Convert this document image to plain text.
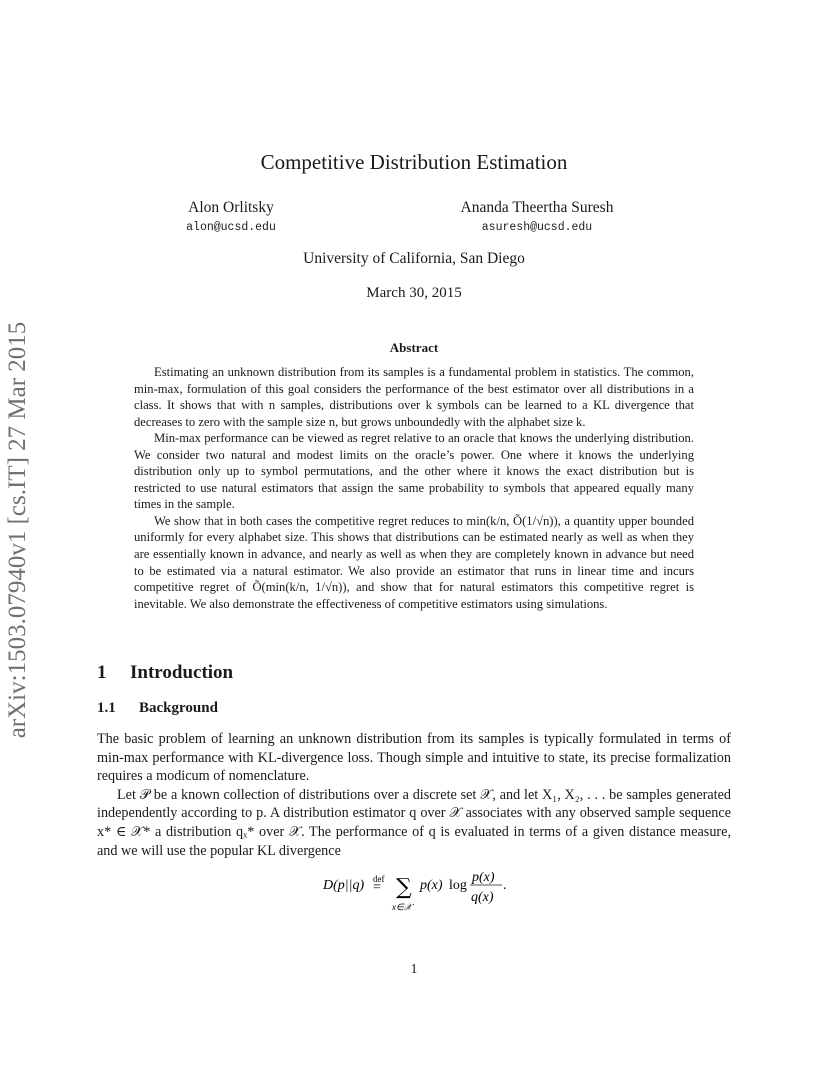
arXiv:1503.07940v1 [cs.IT] 27 Mar 2015
Competitive Distribution Estimation
Alon Orlitsky
alon@ucsd.edu
Ananda Theertha Suresh
asuresh@ucsd.edu
University of California, San Diego
March 30, 2015
Abstract

Estimating an unknown distribution from its samples is a fundamental problem in statistics. The common, min-max, formulation of this goal considers the performance of the best estimator over all distributions in a class. It shows that with n samples, distributions over k symbols can be learned to a KL divergence that decreases to zero with the sample size n, but grows unboundedly with the alphabet size k.

Min-max performance can be viewed as regret relative to an oracle that knows the underlying distribution. We consider two natural and modest limits on the oracle’s power. One where it knows the underlying distribution only up to symbol permutations, and the other where it knows the exact distribution but is restricted to use natural estimators that assign the same probability to symbols that appeared equally many times in the sample.

We show that in both cases the competitive regret reduces to min(k/n, Õ(1/√n)), a quantity upper bounded uniformly for every alphabet size. This shows that distributions can be estimated nearly as well as when they are essentially known in advance, and nearly as well as when they are completely known in advance but need to be estimated via a natural estimator. We also provide an estimator that runs in linear time and incurs competitive regret of Õ(min(k/n, 1/√n)), and show that for natural estimators this competitive regret is inevitable. We also demonstrate the effectiveness of competitive estimators using simulations.

1 Introduction
1.1 Background

The basic problem of learning an unknown distribution from its samples is typically formulated in terms of min-max performance with KL-divergence loss. Though simple and intuitive to state, its precise formalization requires a modicum of nomenclature.

Let 𝒫 be a known collection of distributions over a discrete set 𝒳, and let X₁, X₂, . . . be samples generated independently according to p. A distribution estimator q over 𝒳 associates with any observed sample sequence x* ∈ 𝒳* a distribution qₓ* over 𝒳. The performance of q is evaluated in terms of a given distance measure, and we will use the popular KL divergence

D(p||q) def
= ∑
x∈𝒳
p(x) log
p(x)
q(x)
.
1
